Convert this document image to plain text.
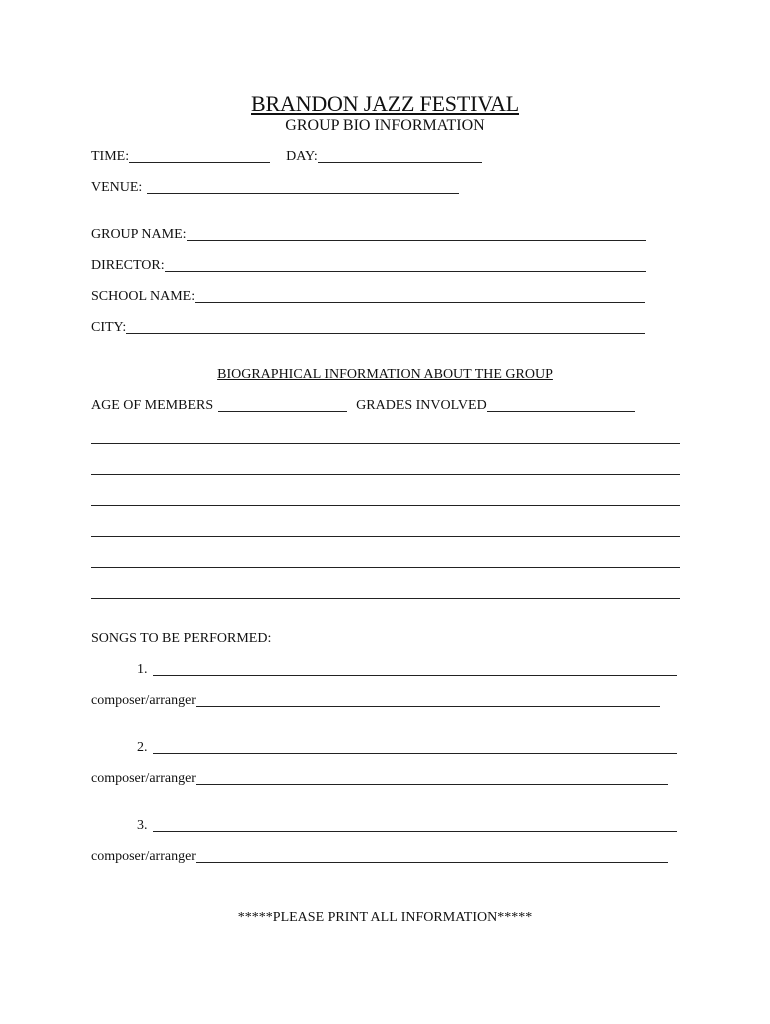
BRANDON JAZZ FESTIVAL
GROUP BIO INFORMATION
TIME:	DAY:
VENUE:
GROUP NAME:
DIRECTOR:
SCHOOL NAME:
CITY:
BIOGRAPHICAL INFORMATION ABOUT THE GROUP
AGE OF MEMBERS	GRADES INVOLVED
SONGS TO BE PERFORMED:
1.
composer/arranger
2.
composer/arranger
3.
composer/arranger
*****PLEASE PRINT ALL INFORMATION*****
